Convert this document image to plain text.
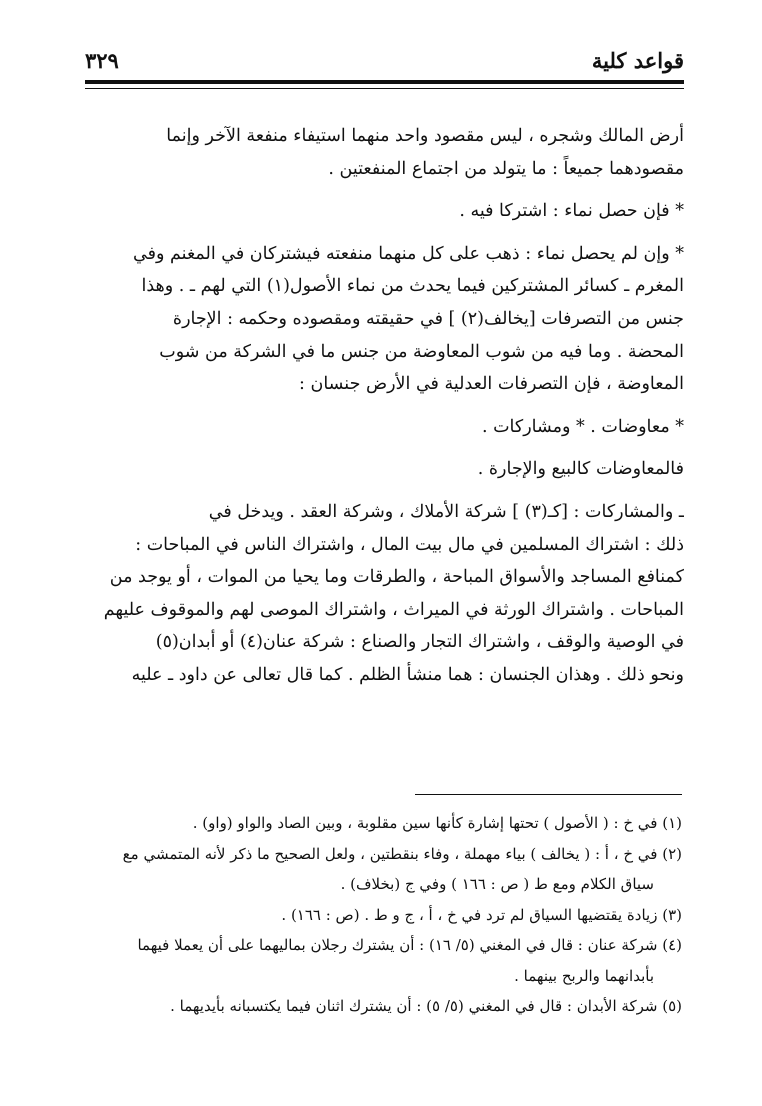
قواعد كلية
٣٢٩
أرض المالك وشجره ، ليس مقصود واحد منهما استيفاء منفعة الآخر وإنما
مقصودهما جميعاً : ما يتولد من اجتماع المنفعتين .
* فإن حصل نماء : اشتركا فيه .
* وإن لم يحصل نماء : ذهب على كل منهما منفعته فيشتركان في المغنم وفي
المغرم ـ كسائر المشتركين فيما يحدث من نماء الأصول(١) التي لهم ـ . وهذا
جنس من التصرفات [يخالف(٢) ] في حقيقته ومقصوده وحكمه : الإجارة
المحضة . وما فيه من شوب المعاوضة من جنس ما في الشركة من شوب
المعاوضة ، فإن التصرفات العدلية في الأرض جنسان :
* معاوضات . * ومشاركات .
فالمعاوضات كالبيع والإجارة .
ـ والمشاركات : [كـ(٣) ] شركة الأملاك ، وشركة العقد . ويدخل في
ذلك : اشتراك المسلمين في مال بيت المال ، واشتراك الناس في المباحات :
كمنافع المساجد والأسواق المباحة ، والطرقات وما يحيا من الموات ، أو يوجد من
المباحات . واشتراك الورثة في الميراث ، واشتراك الموصى لهم والموقوف عليهم
في الوصية والوقف ، واشتراك التجار والصناع : شركة عنان(٤) أو أبدان(٥)
ونحو ذلك . وهذان الجنسان : هما منشأ الظلم . كما قال تعالى عن داود ـ عليه
(١) في خ : ( الأصول ) تحتها إشارة كأنها سين مقلوبة ، وبين الصاد والواو (واو) .
(٢) في خ ، أ : ( يخالف ) بياء مهملة ، وفاء بنقطتين ، ولعل الصحيح ما ذكر لأنه المتمشي مع
سياق الكلام ومع ط ( ص : ١٦٦ ) وفي ج (بخلاف) .
(٣) زيادة يقتضيها السياق لم ترد في خ ، أ ، ج و ط . (ص : ١٦٦) .
(٤) شركة عنان : قال في المغني (٥/ ١٦) : أن يشترك رجلان بماليهما على أن يعملا فيهما
بأبدانهما والربح بينهما .
(٥) شركة الأبدان : قال في المغني (٥/ ٥) : أن يشترك اثنان فيما يكتسبانه بأيديهما .
